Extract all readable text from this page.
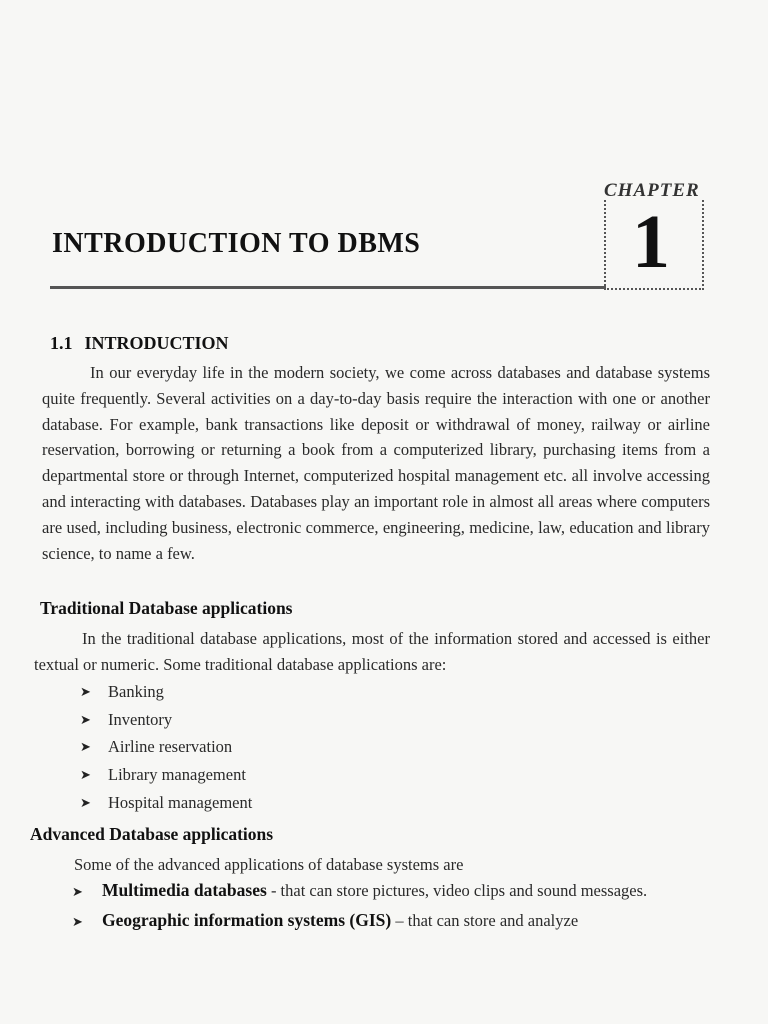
CHAPTER
1
INTRODUCTION TO DBMS
1.1 INTRODUCTION

In our everyday life in the modern society, we come across databases and database systems quite frequently. Several activities on a day-to-day basis require the interaction with one or another database. For example, bank transactions like deposit or withdrawal of money, railway or airline reservation, borrowing or returning a book from a computerized library, purchasing items from a departmental store or through Internet, computerized hospital management etc. all involve accessing and interacting with databases. Databases play an important role in almost all areas where computers are used, including business, electronic commerce, engineering, medicine, law, education and library science, to name a few.

Traditional Database applications

In the traditional database applications, most of the information stored and accessed is either textual or numeric. Some traditional database applications are:

➤	Banking
➤	Inventory
➤	Airline reservation
➤	Library management
➤	Hospital management
Advanced Database applications

Some of the advanced applications of database systems are

➤	Multimedia databases - that can store pictures, video clips and sound messages.
➤	Geographic information systems (GIS) – that can store and analyze
